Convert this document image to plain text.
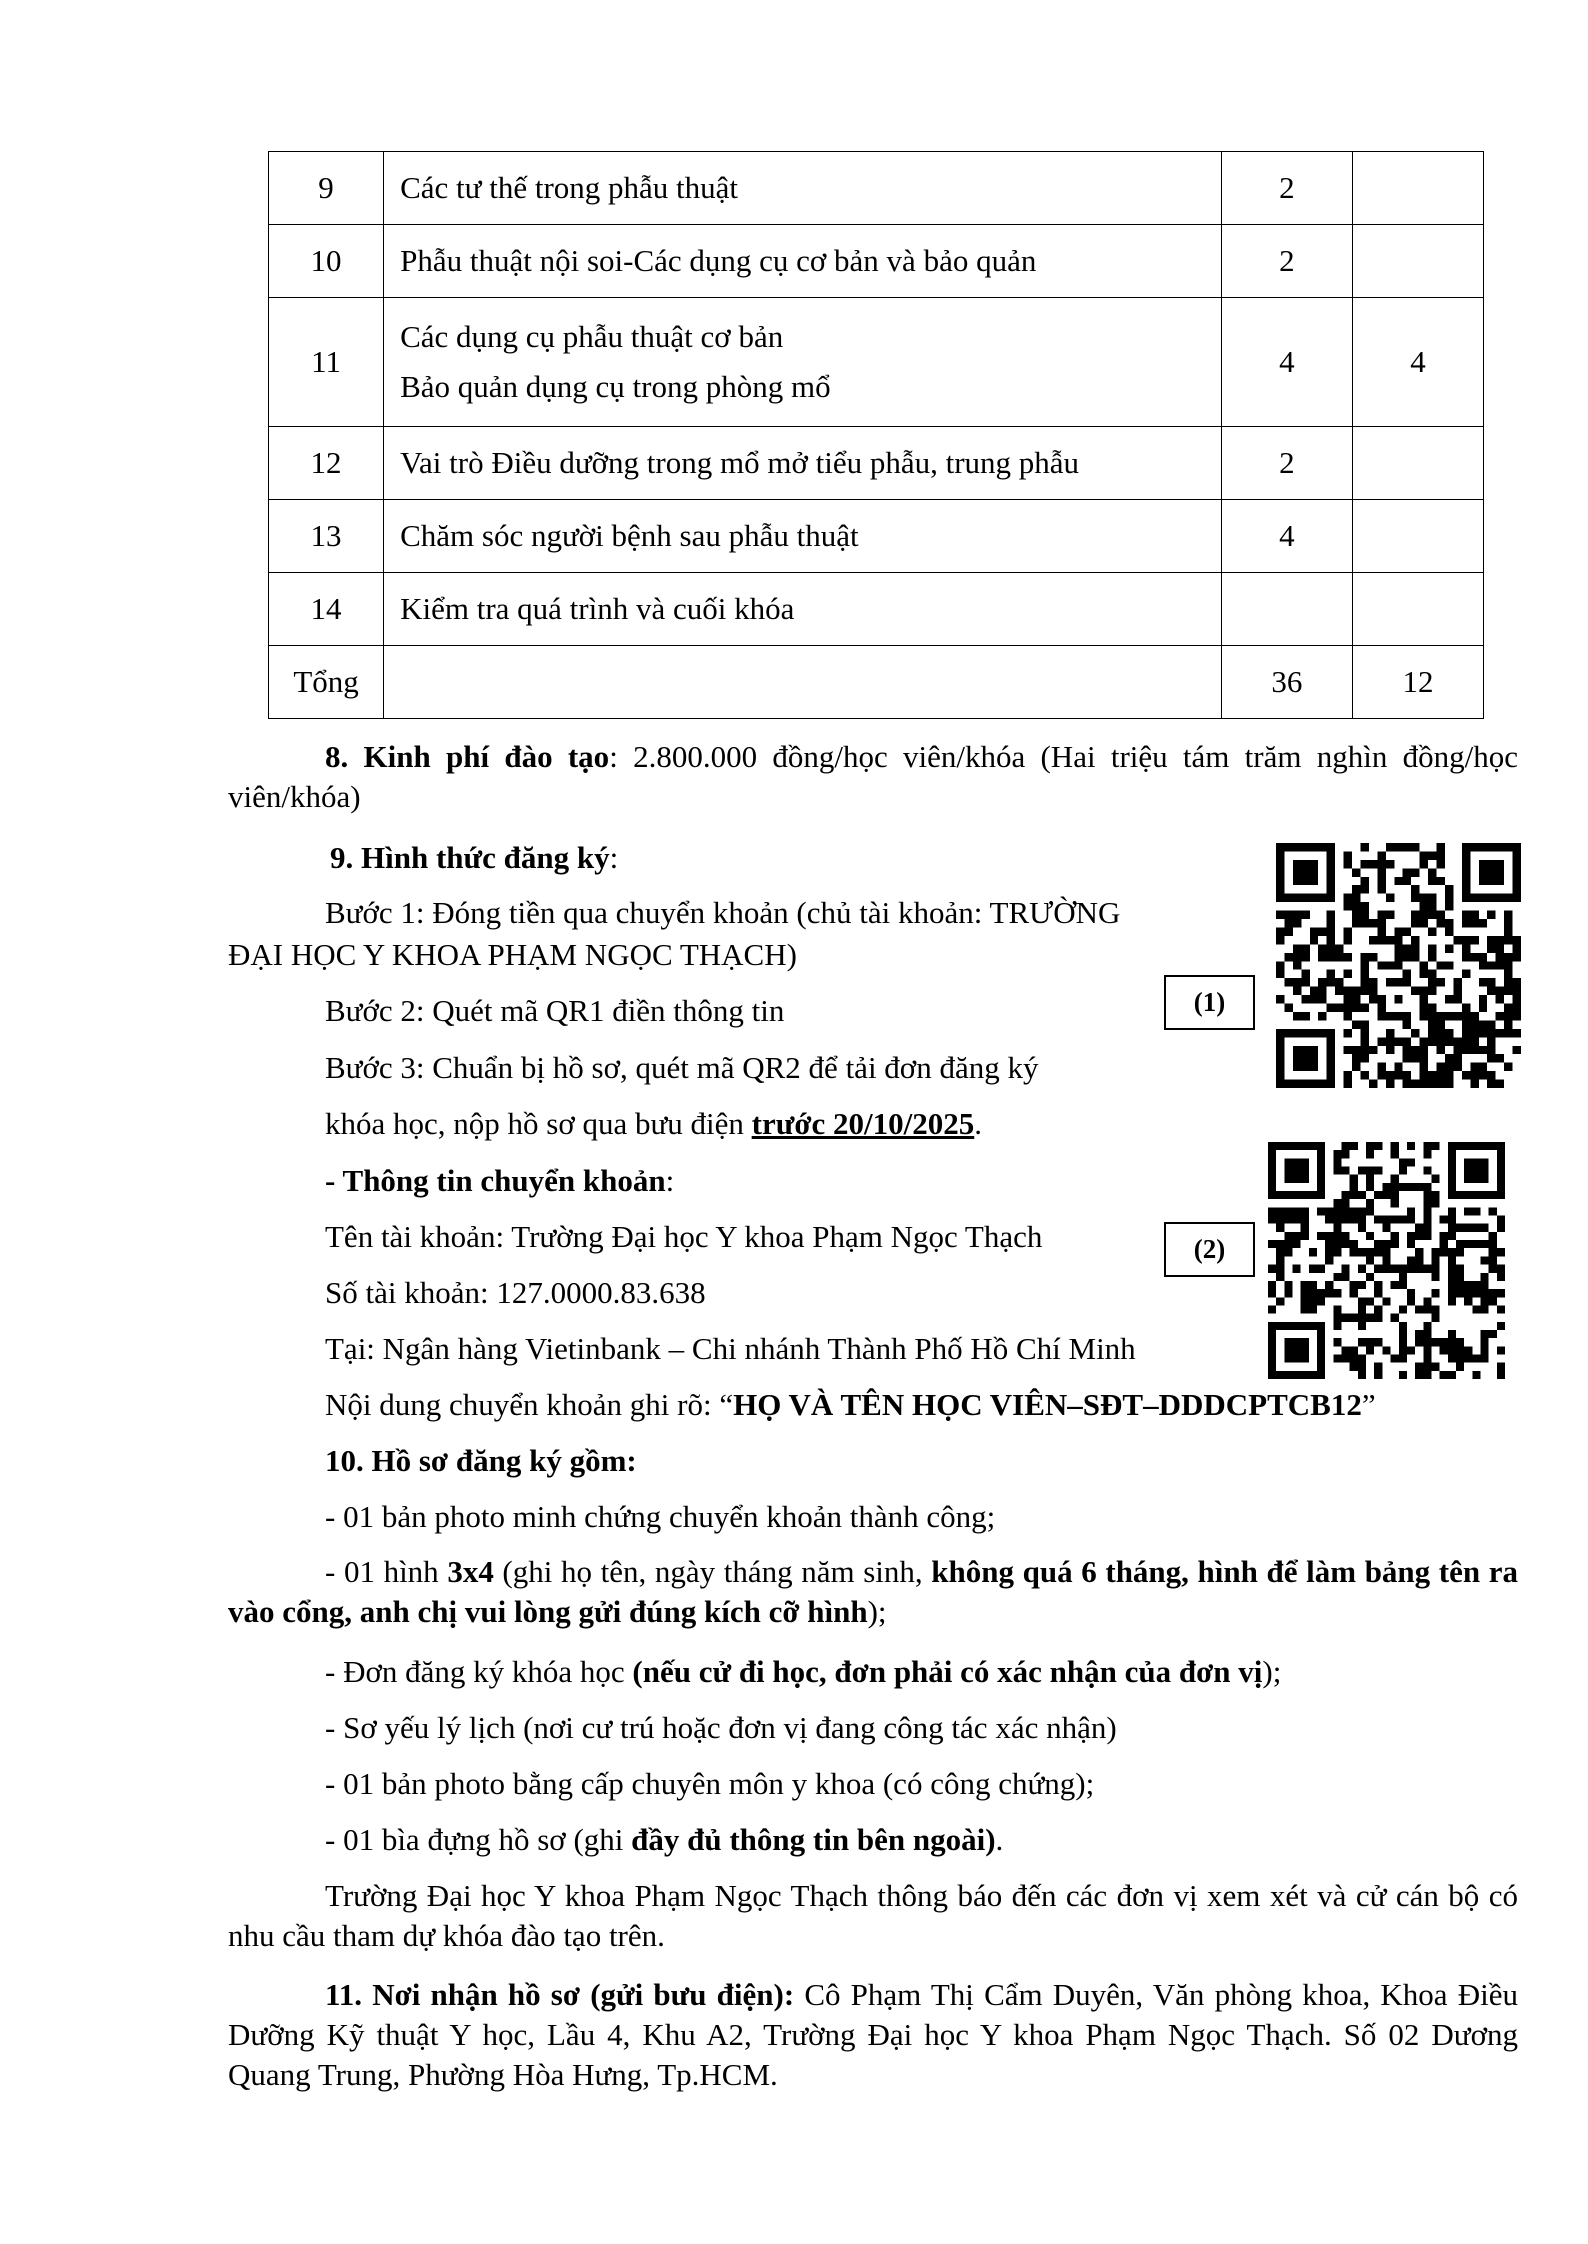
9	Các tư thế trong phẫu thuật	2	
10	Phẫu thuật nội soi-Các dụng cụ cơ bản và bảo quản	2	
11	Các dụng cụ phẫu thuật cơ bản
Bảo quản dụng cụ trong phòng mổ	4	4
12	Vai trò Điều dưỡng trong mổ mở tiểu phẫu, trung phẫu	2	
13	Chăm sóc người bệnh sau phẫu thuật	4	
14	Kiểm tra quá trình và cuối khóa		
Tổng		36	12
8. Kinh phí đào tạo: 2.800.000 đồng/học viên/khóa (Hai triệu tám trăm nghìn đồng/học viên/khóa)
9. Hình thức đăng ký:
Bước 1: Đóng tiền qua chuyển khoản (chủ tài khoản: TRƯỜNG
ĐẠI HỌC Y KHOA PHẠM NGỌC THẠCH)
Bước 2: Quét mã QR1 điền thông tin
Bước 3: Chuẩn bị hồ sơ, quét mã QR2 để tải đơn đăng ký
khóa học, nộp hồ sơ qua bưu điện trước 20/10/2025.
(1)
- Thông tin chuyển khoản:
Tên tài khoản: Trường Đại học Y khoa Phạm Ngọc Thạch
Số tài khoản: 127.0000.83.638
Tại: Ngân hàng Vietinbank – Chi nhánh Thành Phố Hồ Chí Minh
Nội dung chuyển khoản ghi rõ: “HỌ VÀ TÊN HỌC VIÊN–SĐT–DDDCPTCB12”
(2)
10. Hồ sơ đăng ký gồm:
- 01 bản photo minh chứng chuyển khoản thành công;
- 01 hình 3x4 (ghi họ tên, ngày tháng năm sinh, không quá 6 tháng, hình để làm bảng tên ra vào cổng, anh chị vui lòng gửi đúng kích cỡ hình);
- Đơn đăng ký khóa học (nếu cử đi học, đơn phải có xác nhận của đơn vị);
- Sơ yếu lý lịch (nơi cư trú hoặc đơn vị đang công tác xác nhận)
- 01 bản photo bằng cấp chuyên môn y khoa (có công chứng);
- 01 bìa đựng hồ sơ (ghi đầy đủ thông tin bên ngoài).
Trường Đại học Y khoa Phạm Ngọc Thạch thông báo đến các đơn vị xem xét và cử cán bộ có nhu cầu tham dự khóa đào tạo trên.
11. Nơi nhận hồ sơ (gửi bưu điện): Cô Phạm Thị Cẩm Duyên, Văn phòng khoa, Khoa Điều Dưỡng Kỹ thuật Y học, Lầu 4, Khu A2, Trường Đại học Y khoa Phạm Ngọc Thạch. Số 02 Dương Quang Trung, Phường Hòa Hưng, Tp.HCM.
